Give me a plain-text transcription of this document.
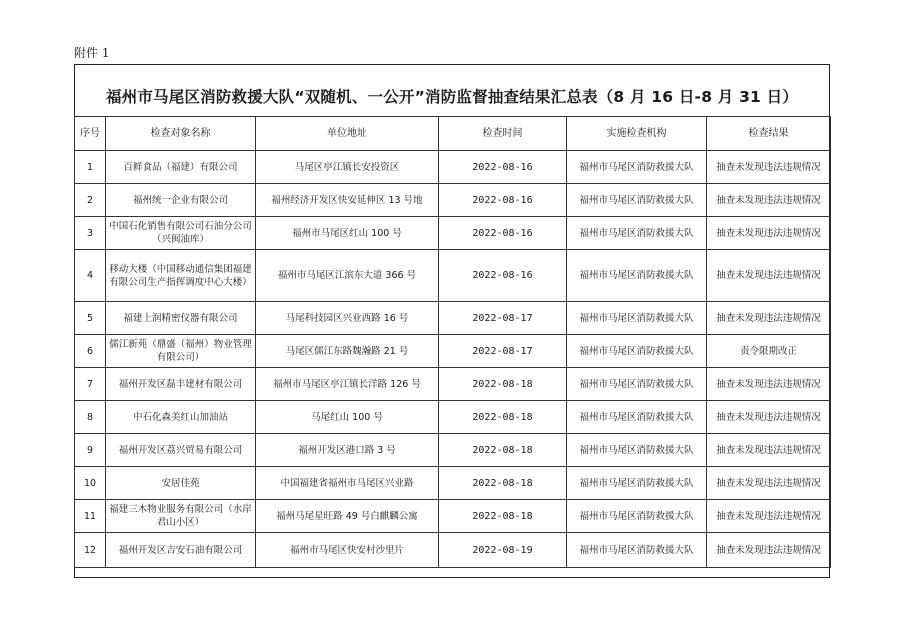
附件 1
福州市马尾区消防救援大队“双随机、一公开”消防监督抽查结果汇总表（8 月 16 日-8 月 31 日）
序号	检查对象名称	单位地址	检查时间	实施检查机构	检查结果
1	百鲜食品（福建）有限公司	马尾区亭江镇长安投资区	2022-08-16	福州市马尾区消防救援大队	抽查未发现违法违规情况
2	福州统一企业有限公司	福州经济开发区快安延伸区 13 号地	2022-08-16	福州市马尾区消防救援大队	抽查未发现违法违规情况
3	中国石化销售有限公司石油分公司（兴闽油库）	福州市马尾区红山 100 号	2022-08-16	福州市马尾区消防救援大队	抽查未发现违法违规情况
4	移动大楼（中国移动通信集团福建有限公司生产指挥调度中心大楼）	福州市马尾区江滨东大道 366 号	2022-08-16	福州市马尾区消防救援大队	抽查未发现违法违规情况
5	福建上润精密仪器有限公司	马尾科技园区兴业西路 16 号	2022-08-17	福州市马尾区消防救援大队	抽查未发现违法违规情况
6	儒江新苑（鼎盛（福州）物业管理有限公司）	马尾区儒江东路魏瀚路 21 号	2022-08-17	福州市马尾区消防救援大队	责令限期改正
7	福州开发区磊丰建材有限公司	福州市马尾区亭江镇长洋路 126 号	2022-08-18	福州市马尾区消防救援大队	抽查未发现违法违规情况
8	中石化森美红山加油站	马尾红山 100 号	2022-08-18	福州市马尾区消防救援大队	抽查未发现违法违规情况
9	福州开发区荔兴贸易有限公司	福州开发区港口路 3 号	2022-08-18	福州市马尾区消防救援大队	抽查未发现违法违规情况
10	安居佳苑	中国福建省福州市马尾区兴业路	2022-08-18	福州市马尾区消防救援大队	抽查未发现违法违规情况
11	福建三木物业服务有限公司（水岸君山小区）	福州马尾星旺路 49 号白麒麟公寓	2022-08-18	福州市马尾区消防救援大队	抽查未发现违法违规情况
12	福州开发区吉安石油有限公司	福州市马尾区快安村沙里片	2022-08-19	福州市马尾区消防救援大队	抽查未发现违法违规情况
